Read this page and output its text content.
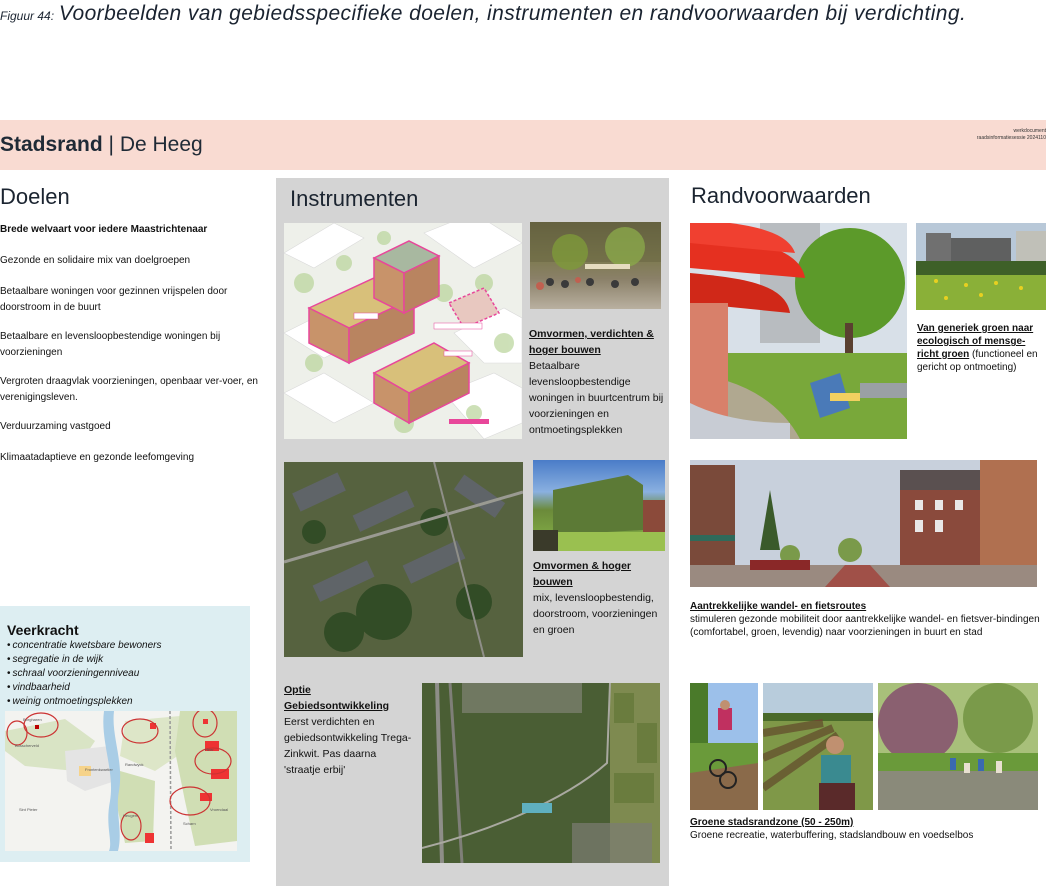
Figuur 44: Voorbeelden van gebiedsspecifieke doelen, instrumenten en randvoorwaarden bij verdichting.
Stadsrand | De Heeg
werkdocument
raadsinformatiesessie 2024110
Doelen
Brede welvaart voor iedere Maastrichtenaar
Gezonde en solidaire mix van doelgroepen
Betaalbare woningen voor gezinnen vrijspelen door doorstroom in de buurt
Betaalbare en levensloopbestendige woningen bij voorzieningen
Vergroten draagvlak voorzieningen, openbaar ver-voer, en verenigingsleven.
Verduurzaming vastgoed
Klimaatadaptieve en gezonde leefomgeving
Veerkracht
• concentratie kwetsbare bewoners
• segregatie in de wijk
• schraal voorzieningenniveau
• vindbaarheid
• weinig ontmoetingsplekken
Borgharen
Bosscherveld
Frontenkwartier
Randwyck
Heer
Vroendaal
Sint Pieter
Heugem
Scharn
Instrumenten
Omvormen, verdichten & hoger bouwen
Betaalbare levensloopbestendige woningen in buurtcentrum bij voorzieningen en ontmoetingsplekken
Omvormen & hoger bouwen
mix, levensloopbestendig, doorstroom, voorzieningen en groen
Optie Gebiedsontwikkeling
Eerst verdichten en gebiedsontwikkeling Trega-Zinkwit. Pas daarna 'straatje erbij'
Randvoorwaarden
Van generiek groen naar ecologisch of mensge-richt groen (functioneel en gericht op ontmoeting)
Aantrekkelijke wandel- en fietsroutes
stimuleren gezonde mobiliteit door aantrekkelijke wandel- en fietsver-bindingen (comfortabel, groen, levendig) naar voorzieningen in buurt en stad
Groene stadsrandzone (50 - 250m)
Groene recreatie, waterbuffering, stadslandbouw en voedselbos
